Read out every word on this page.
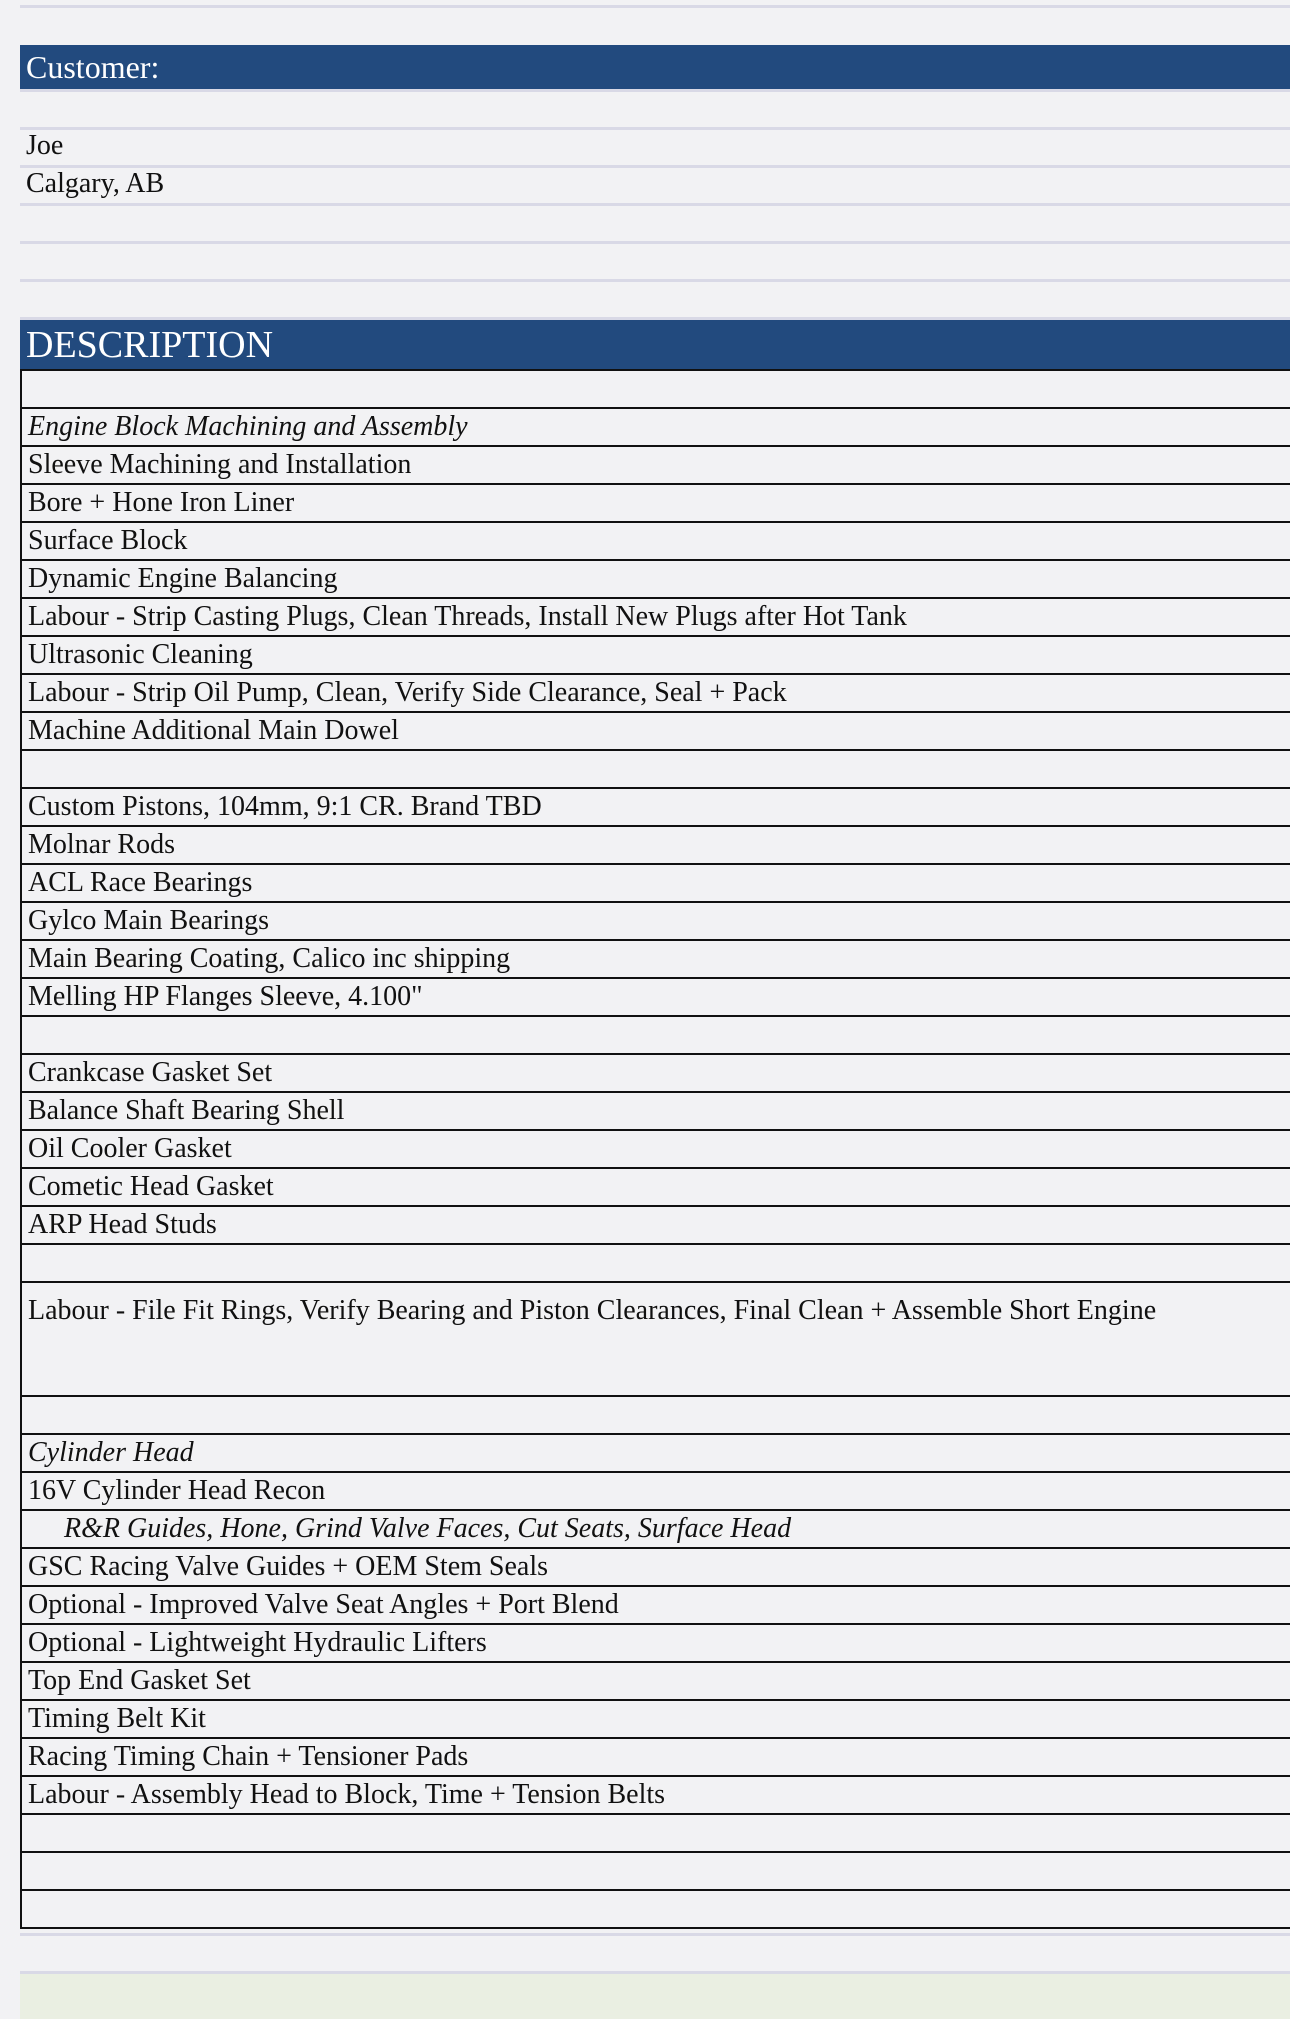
Customer:
Joe
Calgary, AB
DESCRIPTION
Engine Block Machining and Assembly
Sleeve Machining and Installation
Bore + Hone Iron Liner
Surface Block
Dynamic Engine Balancing
Labour - Strip Casting Plugs, Clean Threads, Install New Plugs after Hot Tank
Ultrasonic Cleaning
Labour - Strip Oil Pump, Clean, Verify Side Clearance, Seal + Pack
Machine Additional Main Dowel
Custom Pistons, 104mm, 9:1 CR. Brand TBD
Molnar Rods
ACL Race Bearings
Gylco Main Bearings
Main Bearing Coating, Calico inc shipping
Melling HP Flanges Sleeve, 4.100"
Crankcase Gasket Set
Balance Shaft Bearing Shell
Oil Cooler Gasket
Cometic Head Gasket
ARP Head Studs
Labour - File Fit Rings, Verify Bearing and Piston Clearances, Final Clean + Assemble Short Engine
Cylinder Head
16V Cylinder Head Recon
R&R Guides, Hone, Grind Valve Faces, Cut Seats, Surface Head
GSC Racing Valve Guides + OEM Stem Seals
Optional - Improved Valve Seat Angles + Port Blend
Optional - Lightweight Hydraulic Lifters
Top End Gasket Set
Timing Belt Kit
Racing Timing Chain + Tensioner Pads
Labour - Assembly Head to Block, Time + Tension Belts
